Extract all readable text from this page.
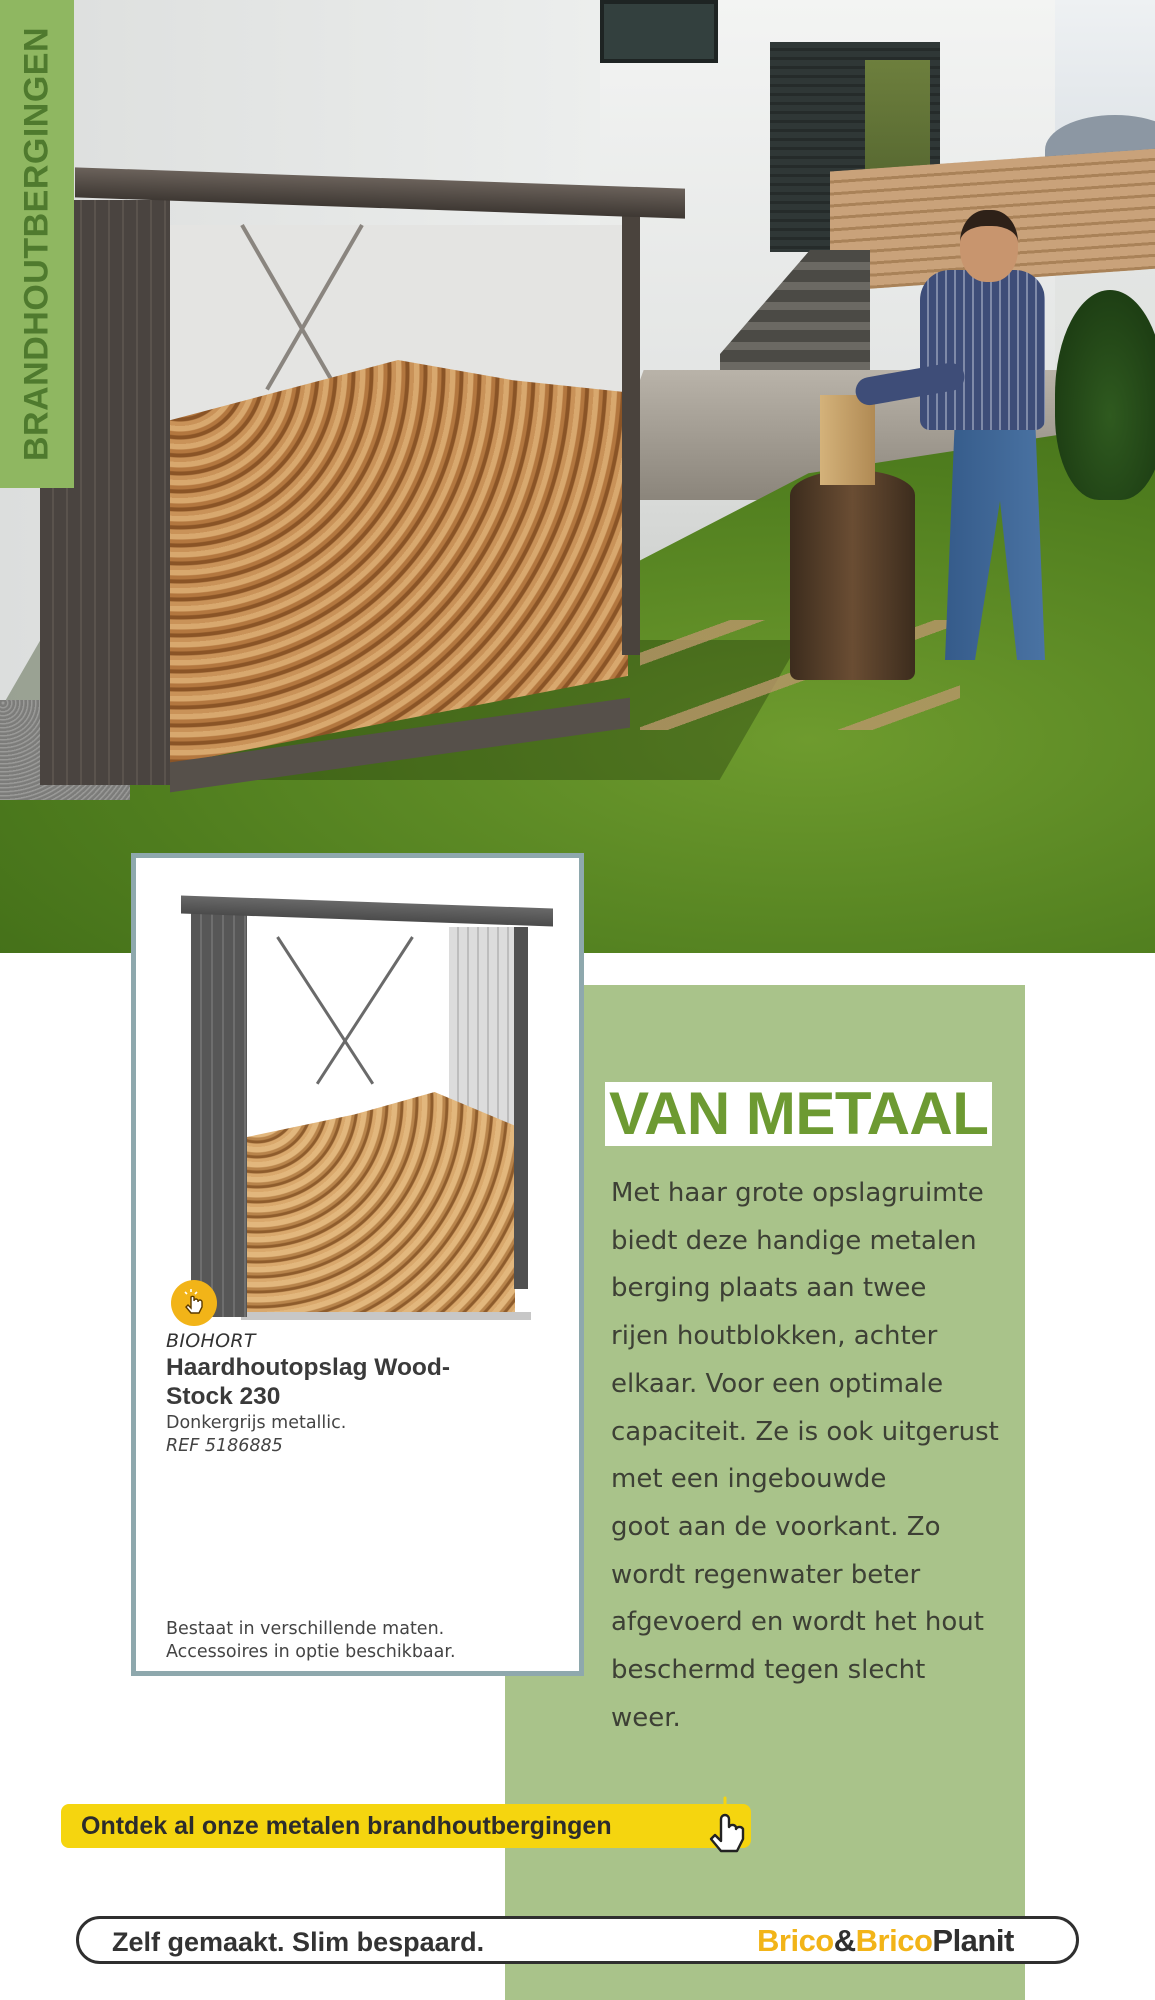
BRANDHOUTBERGINGEN
VAN METAAL
Met haar grote opslagruimte
biedt deze handige metalen
berging plaats aan twee
rijen houtblokken, achter
elkaar. Voor een optimale
capaciteit. Ze is ook uitgerust
met een ingebouwde
goot aan de voorkant. Zo
wordt regenwater beter
afgevoerd en wordt het hout
beschermd tegen slecht
weer.
BIOHORT
Haardhoutopslag Wood-Stock 230
Donkergrijs metallic.
REF 5186885
Bestaat in verschillende maten.
Accessoires in optie beschikbaar.
Ontdek al onze metalen brandhoutbergingen
Zelf gemaakt. Slim bespaard.	Brico&BricoPlanit
